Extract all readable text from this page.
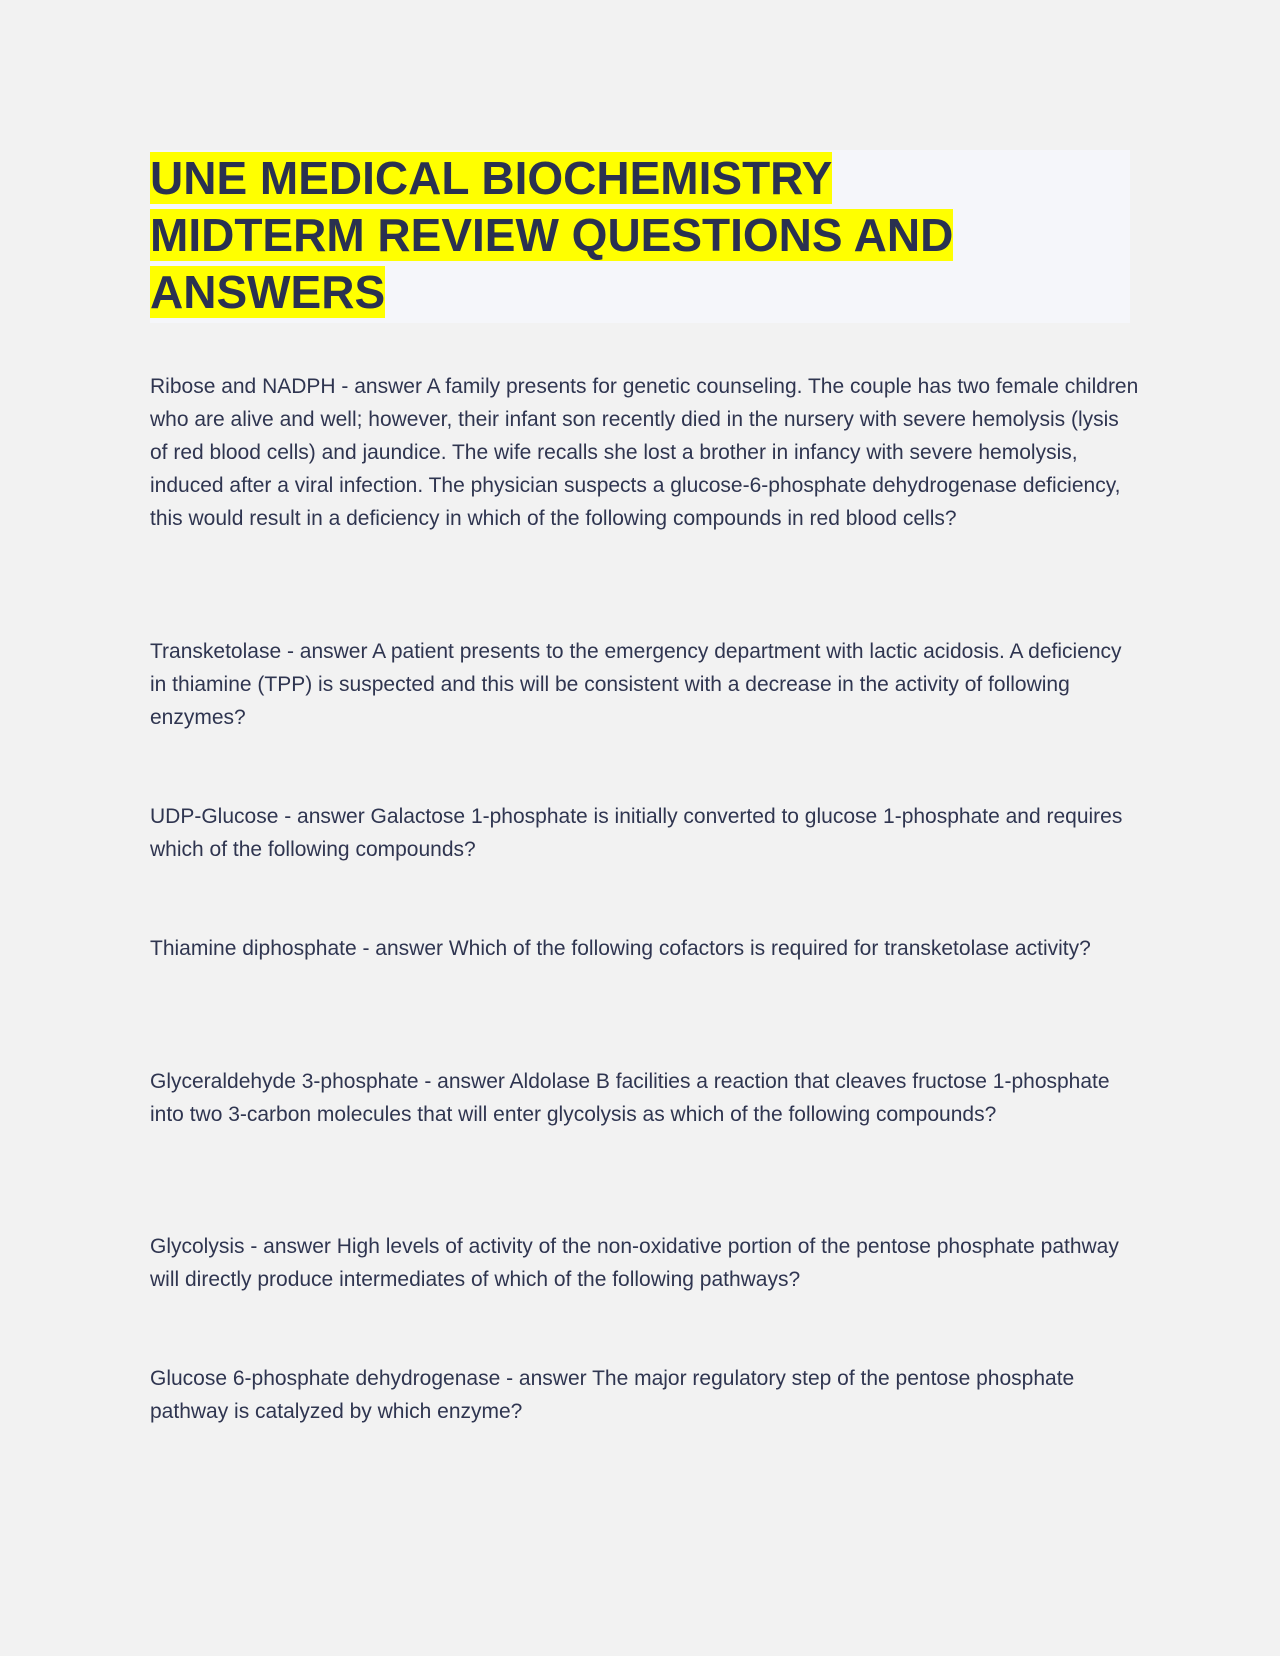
UNE MEDICAL BIOCHEMISTRY
MIDTERM REVIEW QUESTIONS AND
ANSWERS

Ribose and NADPH - answer A family presents for genetic counseling. The couple has two female children who are alive and well; however, their infant son recently died in the nursery with severe hemolysis (lysis of red blood cells) and jaundice. The wife recalls she lost a brother in infancy with severe hemolysis, induced after a viral infection. The physician suspects a glucose-6-phosphate dehydrogenase deficiency, this would result in a deficiency in which of the following compounds in red blood cells?

Transketolase - answer A patient presents to the emergency department with lactic acidosis. A deficiency in thiamine (TPP) is suspected and this will be consistent with a decrease in the activity of following enzymes?

UDP-Glucose - answer Galactose 1-phosphate is initially converted to glucose 1-phosphate and requires which of the following compounds?

Thiamine diphosphate - answer Which of the following cofactors is required for transketolase activity?

Glyceraldehyde 3-phosphate - answer Aldolase B facilities a reaction that cleaves fructose 1-phosphate into two 3-carbon molecules that will enter glycolysis as which of the following compounds?

Glycolysis - answer High levels of activity of the non-oxidative portion of the pentose phosphate pathway will directly produce intermediates of which of the following pathways?

Glucose 6-phosphate dehydrogenase - answer The major regulatory step of the pentose phosphate pathway is catalyzed by which enzyme?
